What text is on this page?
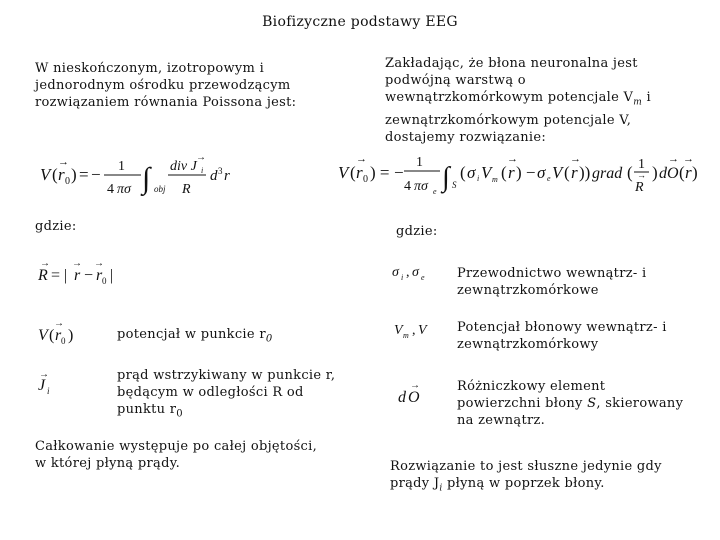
Biofizyczne podstawy EEG
W nieskończonym, izotropowym i jednorodnym ośrodku przewodzącym rozwiązaniem równania Poissona jest:
V ( r 0
→
) = − 1
4 πσ ∫ obj
div J i
→
R
d 3 r
gdzie:
R
→
= | r
→
− r 0
→
|
V ( r 0
→
)	potencjał w punkcie $r_0$
J i
→	prąd wstrzykiwany w punkcie r,
będącym w odległości R od
punktu $r_0$
Całkowanie występuje po całej objętości, w której płyną prądy.
Zakładając, że błona neuronalna jest podwójną warstwą o wewnątrzkomórkowym potencjale $V_m$ i zewnątrzkomórkowym potencjale V, dostajemy rozwiązanie:
V ( r 0
→
) = −
1
4 πσ e ∫ S
( σ i V m ( r
→
) − σ e V ( r
→
)) grad ( 1
R
→ ) dO
→
( r
→
)
gdzie:
σ i , σ e Przewodnictwo wewnątrz- i zewnątrzkomórkowe
V m , V Potencjał błonowy wewnątrz- i zewnątrzkomórkowy
d O
→	Różniczkowy element powierzchni błony S, skierowany na zewnątrz.
Rozwiązanie to jest słuszne jedynie gdy prądy $J_i$ płyną w poprzek błony.
